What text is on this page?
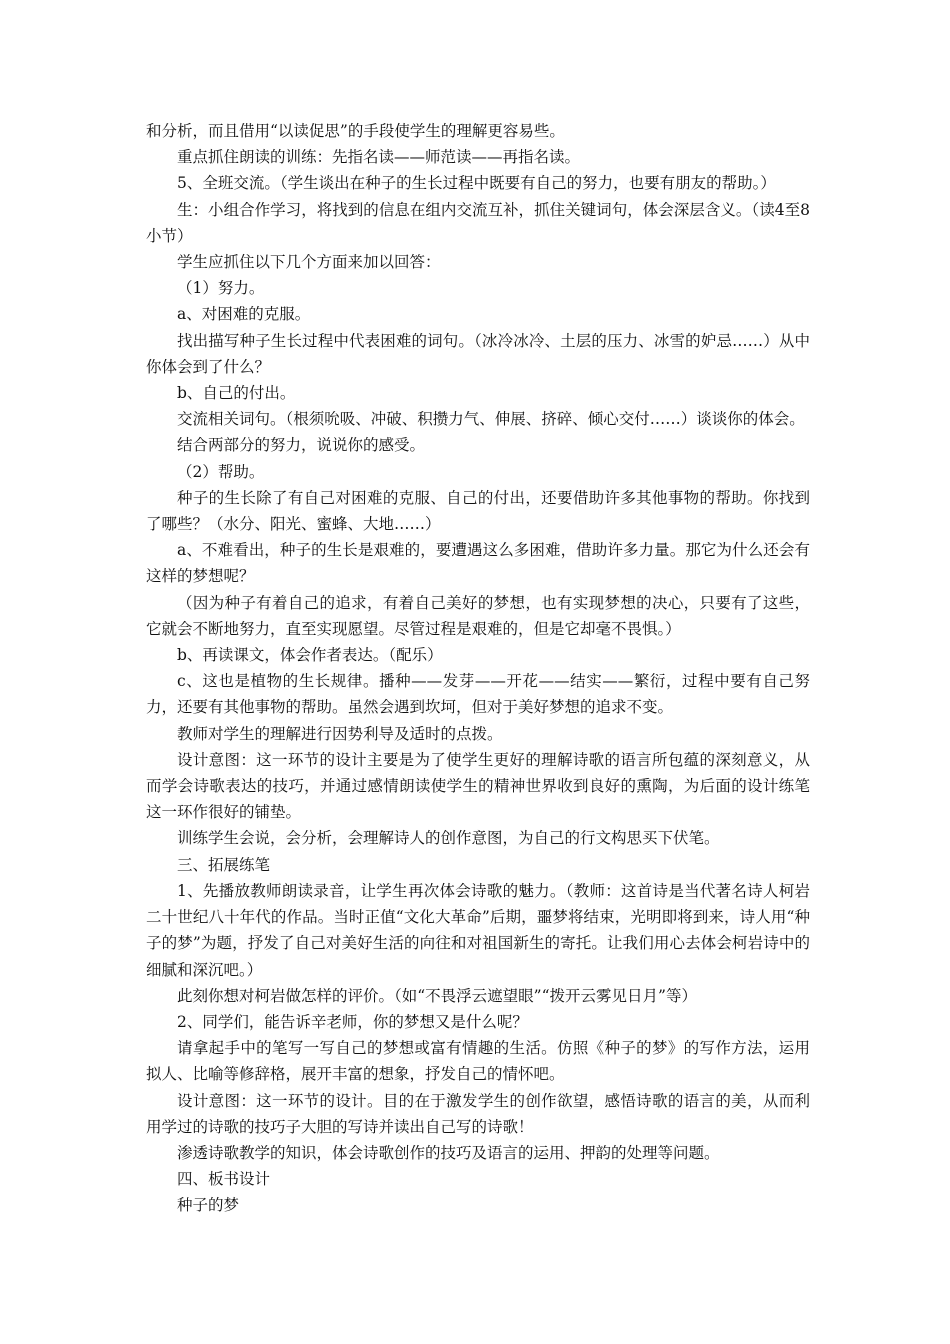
和分析，而且借用“以读促思”的手段使学生的理解更容易些。

重点抓住朗读的训练：先指名读——师范读——再指名读。

5、全班交流。（学生谈出在种子的生长过程中既要有自己的努力，也要有朋友的帮助。）

生：小组合作学习，将找到的信息在组内交流互补，抓住关键词句，体会深层含义。（读4至8小节）

学生应抓住以下几个方面来加以回答：

（1）努力。

a、对困难的克服。

找出描写种子生长过程中代表困难的词句。（冰冷冰冷、土层的压力、冰雪的妒忌……）从中你体会到了什么？

b、自己的付出。

交流相关词句。（根须吮吸、冲破、积攒力气、伸展、挤碎、倾心交付……）谈谈你的体会。

结合两部分的努力，说说你的感受。

（2）帮助。

种子的生长除了有自己对困难的克服、自己的付出，还要借助许多其他事物的帮助。你找到了哪些？（水分、阳光、蜜蜂、大地……）

a、不难看出，种子的生长是艰难的，要遭遇这么多困难，借助许多力量。那它为什么还会有这样的梦想呢？

（因为种子有着自己的追求，有着自己美好的梦想，也有实现梦想的决心，只要有了这些，它就会不断地努力，直至实现愿望。尽管过程是艰难的，但是它却毫不畏惧。）

b、再读课文，体会作者表达。（配乐）

c、这也是植物的生长规律。播种——发芽——开花——结实——繁衍，过程中要有自己努力，还要有其他事物的帮助。虽然会遇到坎坷，但对于美好梦想的追求不变。

教师对学生的理解进行因势利导及适时的点拨。

设计意图：这一环节的设计主要是为了使学生更好的理解诗歌的语言所包蕴的深刻意义，从而学会诗歌表达的技巧，并通过感情朗读使学生的精神世界收到良好的熏陶，为后面的设计练笔这一环作很好的铺垫。

训练学生会说，会分析，会理解诗人的创作意图，为自己的行文构思买下伏笔。

三、拓展练笔

1、先播放教师朗读录音，让学生再次体会诗歌的魅力。（教师：这首诗是当代著名诗人柯岩二十世纪八十年代的作品。当时正值“文化大革命”后期，噩梦将结束，光明即将到来，诗人用“种子的梦”为题，抒发了自己对美好生活的向往和对祖国新生的寄托。让我们用心去体会柯岩诗中的细腻和深沉吧。）

此刻你想对柯岩做怎样的评价。（如“不畏浮云遮望眼”“拨开云雾见日月”等）

2、同学们，能告诉辛老师，你的梦想又是什么呢？

请拿起手中的笔写一写自己的梦想或富有情趣的生活。仿照《种子的梦》的写作方法，运用拟人、比喻等修辞格，展开丰富的想象，抒发自己的情怀吧。

设计意图：这一环节的设计。目的在于激发学生的创作欲望，感悟诗歌的语言的美，从而利用学过的诗歌的技巧子大胆的写诗并读出自己写的诗歌！

渗透诗歌教学的知识，体会诗歌创作的技巧及语言的运用、押韵的处理等问题。

四、板书设计

种子的梦
